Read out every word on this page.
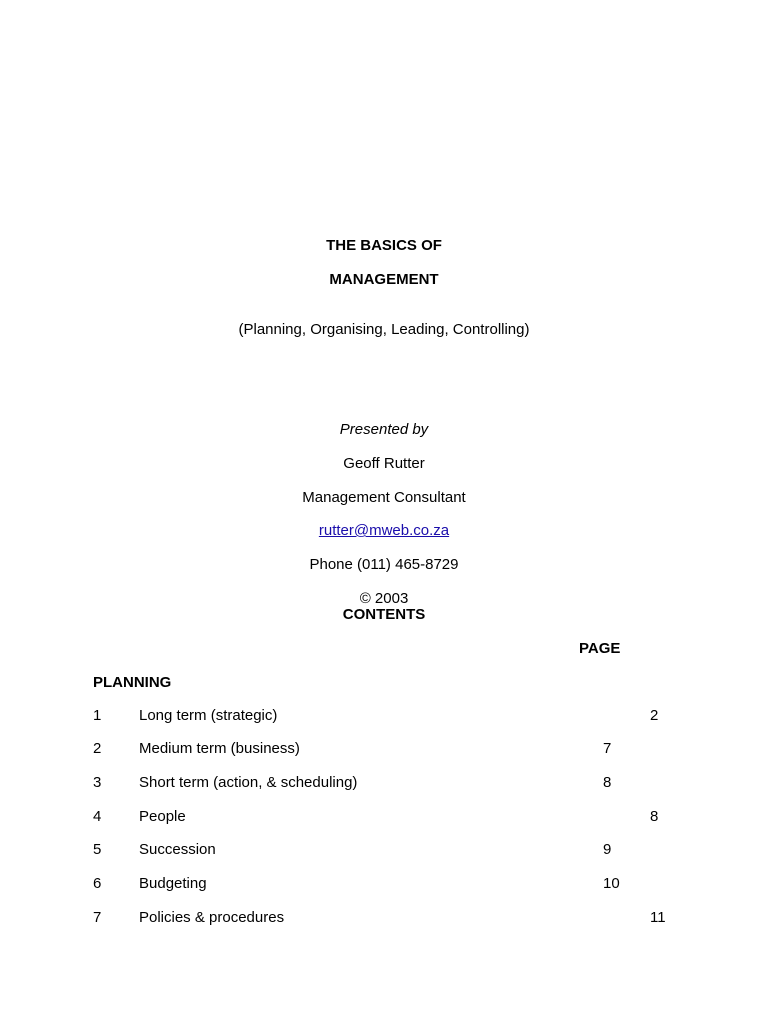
THE BASICS OF
MANAGEMENT
(Planning, Organising, Leading, Controlling)
Presented by
Geoff Rutter
Management Consultant
rutter@mweb.co.za
Phone (011) 465-8729
© 2003
CONTENTS
PAGE
PLANNING
1	Long term (strategic)	2
2	Medium term (business)	7
3	Short term (action, & scheduling)	8
4	People	8
5	Succession	9
6	Budgeting	10
7	Policies & procedures	11
